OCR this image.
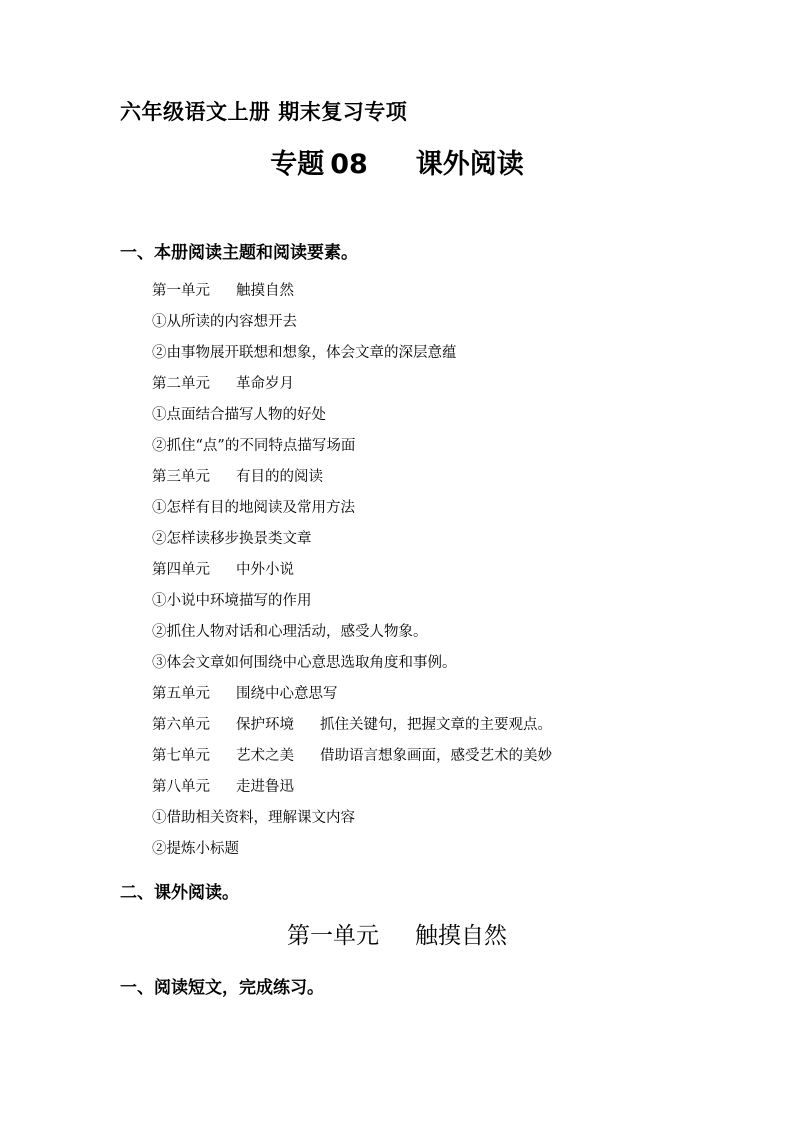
六年级语文上册 期末复习专项
专题 08 课外阅读
一、本册阅读主题和阅读要素。
第一单元 触摸自然
①从所读的内容想开去
②由事物展开联想和想象，体会文章的深层意蕴
第二单元 革命岁月
①点面结合描写人物的好处
②抓住“点”的不同特点描写场面
第三单元 有目的的阅读
①怎样有目的地阅读及常用方法
②怎样读移步换景类文章
第四单元 中外小说
①小说中环境描写的作用
②抓住人物对话和心理活动，感受人物象。
③体会文章如何围绕中心意思选取角度和事例。
第五单元 围绕中心意思写
第六单元 保护环境 抓住关键句，把握文章的主要观点。
第七单元 艺术之美 借助语言想象画面，感受艺术的美妙
第八单元 走进鲁迅
①借助相关资料，理解课文内容
②提炼小标题
二、课外阅读。
第一单元 触摸自然
一、阅读短文，完成练习。
